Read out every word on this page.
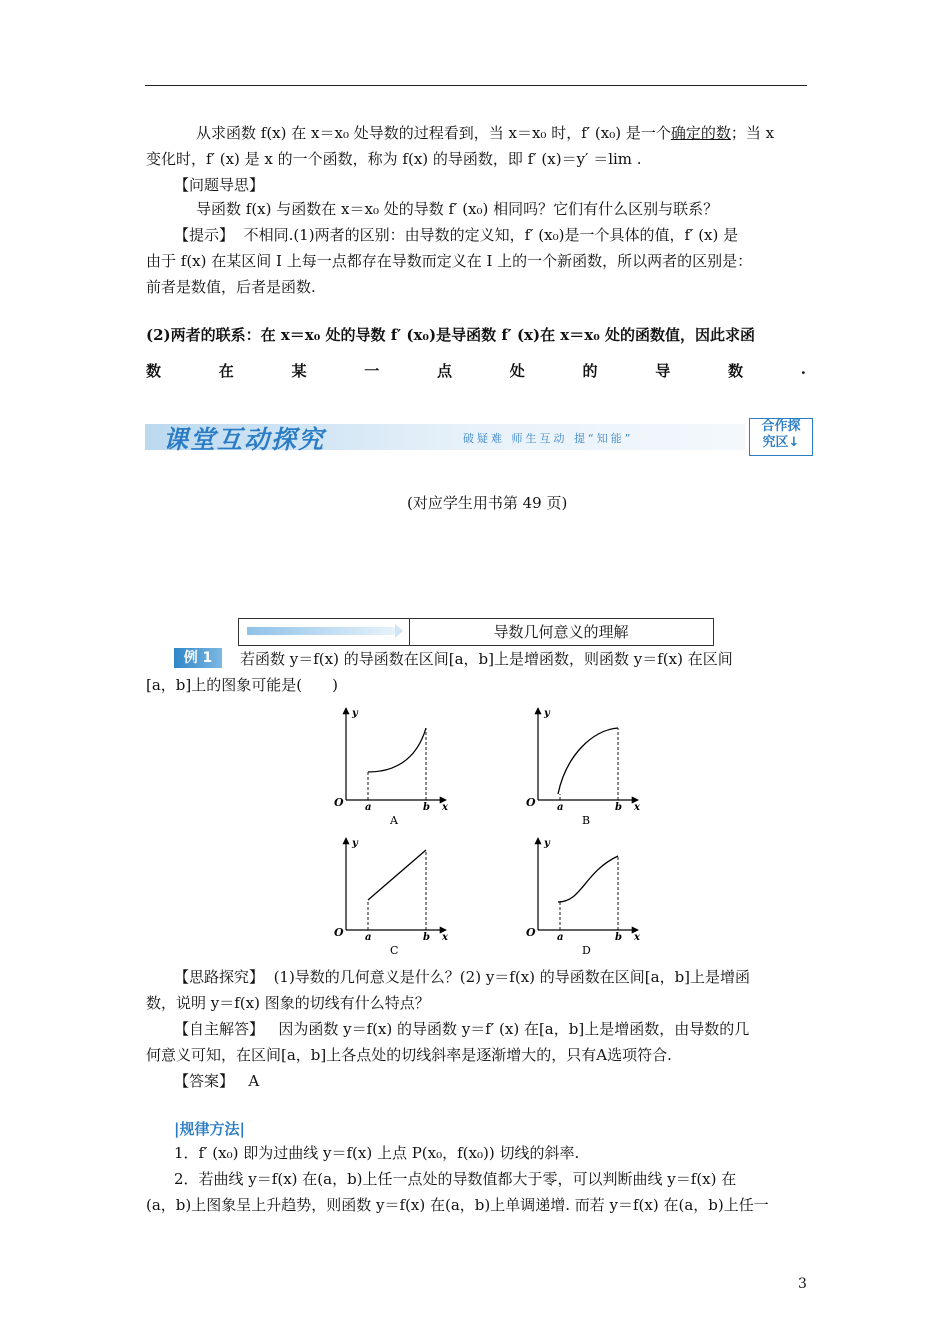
从求函数 f(x) 在 x＝x₀ 处导数的过程看到，当 x＝x₀ 时，f′ (x₀) 是一个确定的数；当 x
变化时，f′ (x) 是 x 的一个函数，称为 f(x) 的导函数，即 f′ (x)＝y′ ＝lim .
【问题导思】
导函数 f(x) 与函数在 x＝x₀ 处的导数 f′ (x₀) 相同吗？它们有什么区别与联系？
【提示】 不相同.(1)两者的区别：由导数的定义知，f′ (x₀)是一个具体的值，f′ (x) 是
由于 f(x) 在某区间 I 上每一点都存在导数而定义在 I 上的一个新函数，所以两者的区别是：
前者是数值，后者是函数.
(2)两者的联系：在 x＝x₀ 处的导数 f′ (x₀)是导函数 f′ (x)在 x＝x₀ 处的函数值，因此求函
数	在	某	一	点	处	的	导	数	.
课堂互动探究	破疑难 师生互动 提“知能”
合作探
究区↓
(对应学生用书第 49 页)
导数几何意义的理解
例 1	若函数 y＝f(x) 的导函数在区间[a，b]上是增函数，则函数 y＝f(x) 在区间
[a，b]上的图象可能是(　　)
O a	b x
y
A
O a	b x
y
B
O a	b x
y
C
O a	b x
y
D
【思路探究】 (1)导数的几何意义是什么？(2) y＝f(x) 的导函数在区间[a，b]上是增函
数，说明 y＝f(x) 图象的切线有什么特点？
【自主解答】 因为函数 y＝f(x) 的导函数 y＝f′ (x) 在[a，b]上是增函数，由导数的几
何意义可知，在区间[a，b]上各点处的切线斜率是逐渐增大的，只有A选项符合.
【答案】 A
|规律方法|
1．f′ (x₀) 即为过曲线 y＝f(x) 上点 P(x₀，f(x₀)) 切线的斜率.
2．若曲线 y＝f(x) 在(a，b)上任一点处的导数值都大于零，可以判断曲线 y＝f(x) 在
(a，b)上图象呈上升趋势，则函数 y＝f(x) 在(a，b)上单调递增. 而若 y＝f(x) 在(a，b)上任一
3
